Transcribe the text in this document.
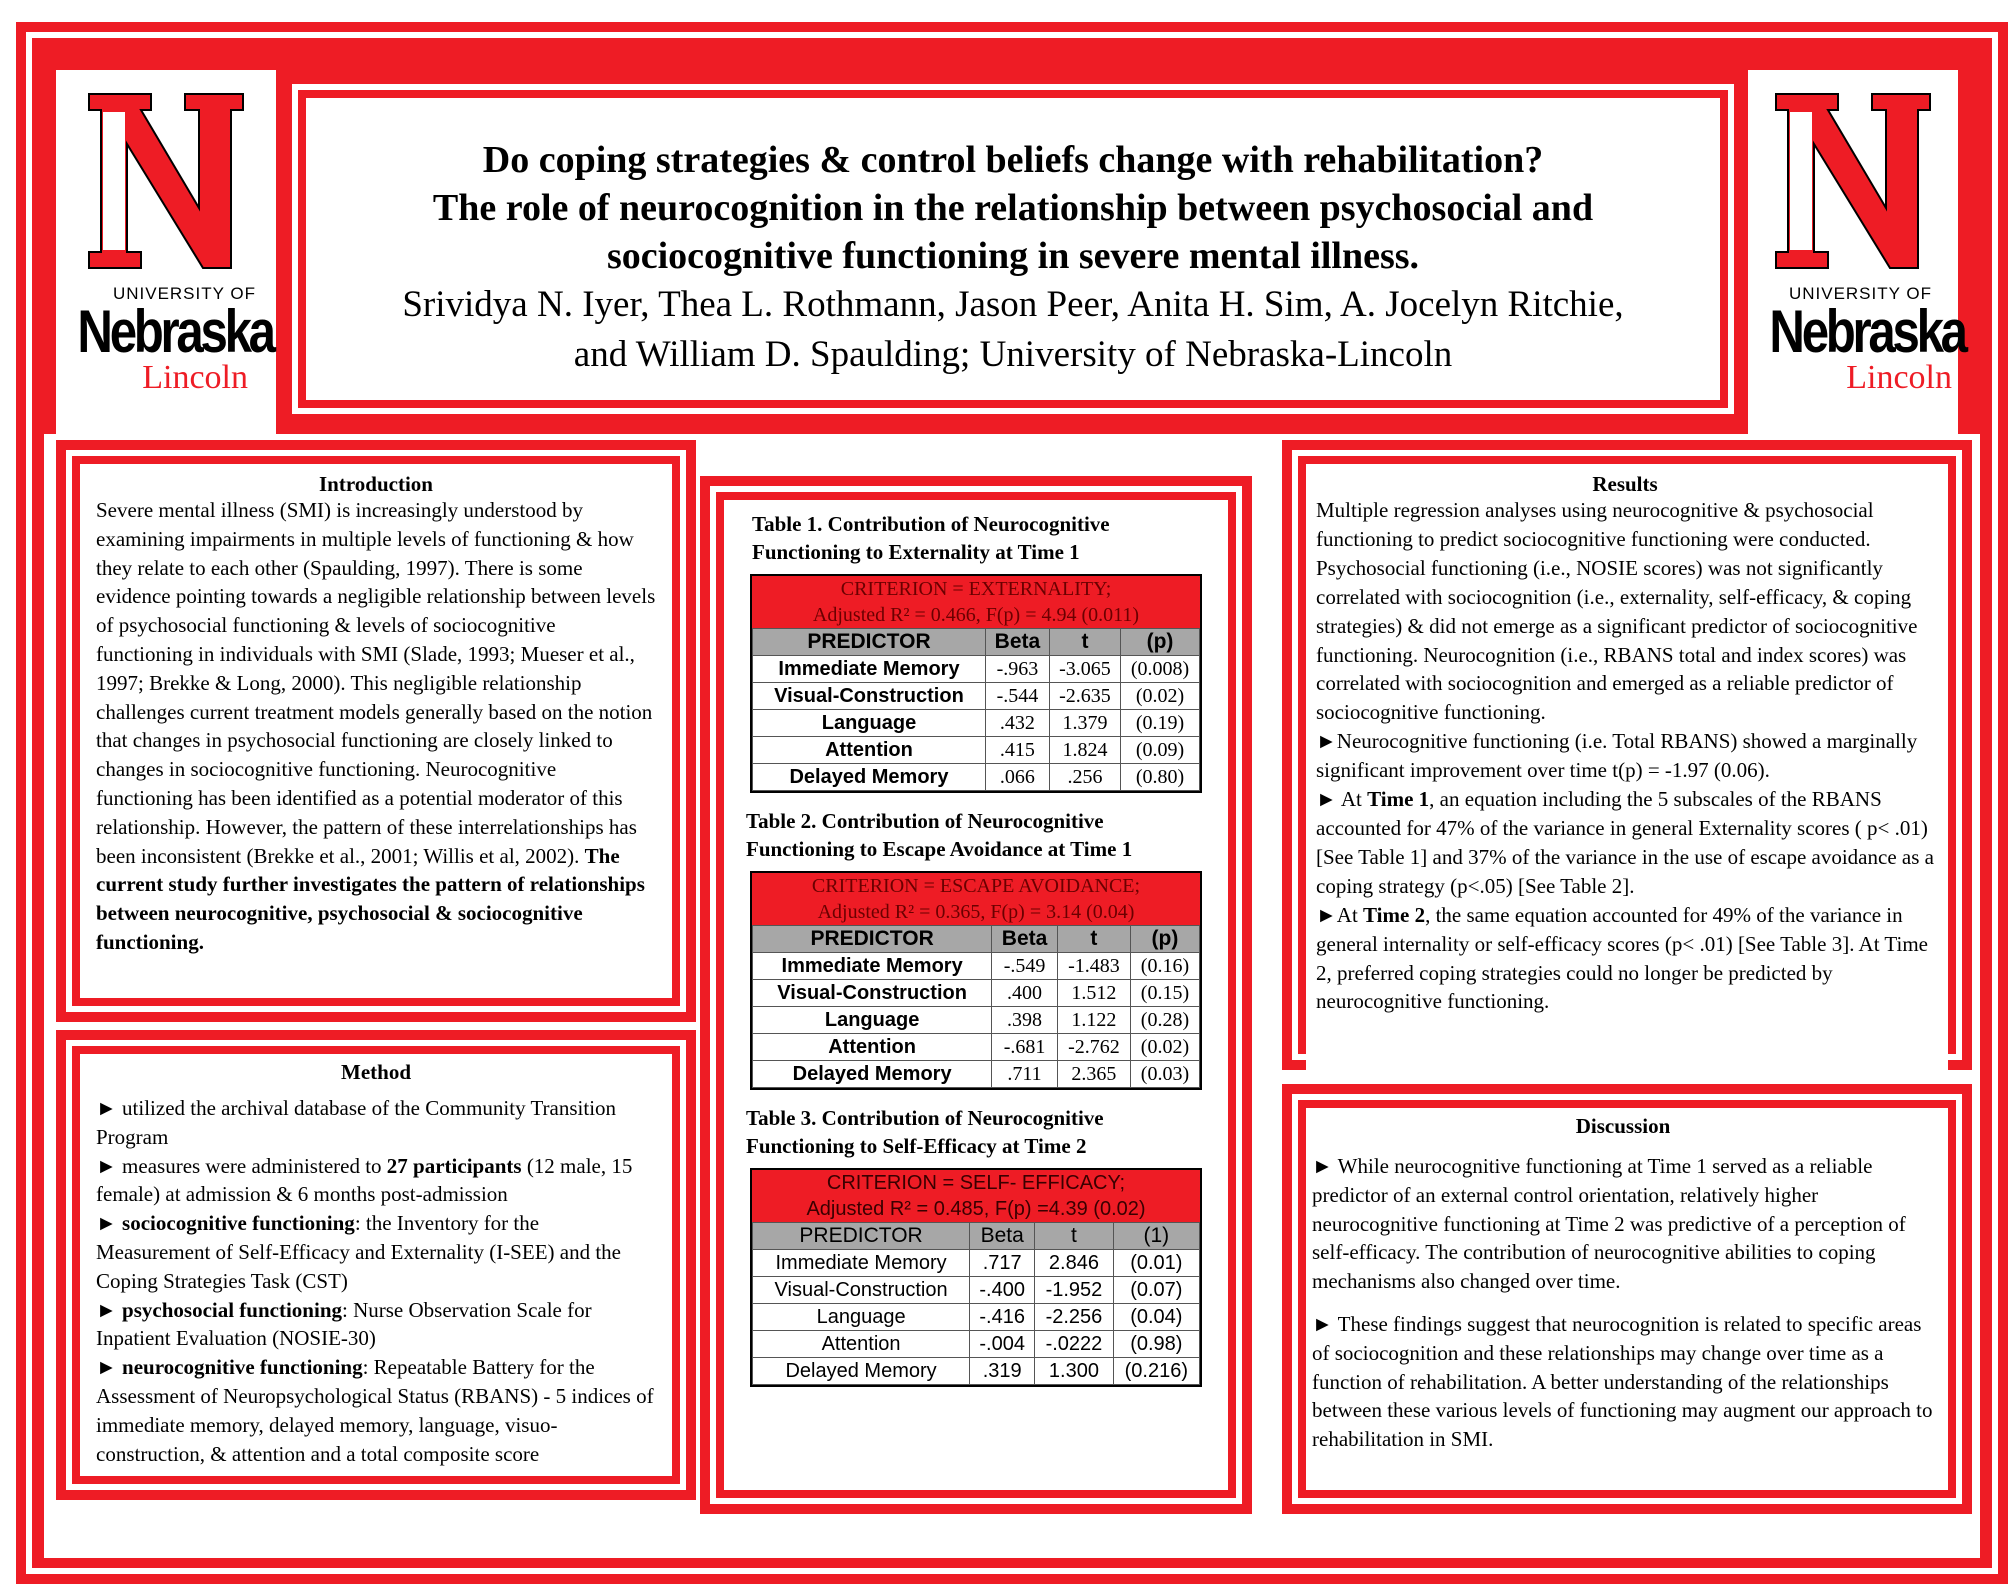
UNIVERSITY OF
Nebraska
Lincoln
UNIVERSITY OF
Nebraska
Lincoln
Do coping strategies & control beliefs change with rehabilitation?
The role of neurocognition in the relationship between psychosocial and
sociocognitive functioning in severe mental illness.
Srividya N. Iyer, Thea L. Rothmann, Jason Peer, Anita H. Sim, A. Jocelyn Ritchie,
and William D. Spaulding; University of Nebraska-Lincoln
Introduction

Severe mental illness (SMI) is increasingly understood by examining impairments in multiple levels of functioning & how they relate to each other (Spaulding, 1997). There is some evidence pointing towards a negligible relationship between levels of psychosocial functioning & levels of sociocognitive functioning in individuals with SMI (Slade, 1993; Mueser et al., 1997; Brekke & Long, 2000). This negligible relationship challenges current treatment models generally based on the notion that changes in psychosocial functioning are closely linked to changes in sociocognitive functioning. Neurocognitive functioning has been identified as a potential moderator of this relationship. However, the pattern of these interrelationships has been inconsistent (Brekke et al., 2001; Willis et al, 2002). The current study further investigates the pattern of relationships between neurocognitive, psychosocial & sociocognitive functioning.

Method

► utilized the archival database of the Community Transition Program

► measures were administered to 27 participants (12 male, 15 female) at admission & 6 months post-admission

► sociocognitive functioning: the Inventory for the Measurement of Self-Efficacy and Externality (I-SEE) and the Coping Strategies Task (CST)

► psychosocial functioning: Nurse Observation Scale for Inpatient Evaluation (NOSIE-30)

► neurocognitive functioning: Repeatable Battery for the Assessment of Neuropsychological Status (RBANS) - 5 indices of immediate memory, delayed memory, language, visuo-construction, & attention and a total composite score

Table 1. Contribution of Neurocognitive
Functioning to Externality at Time 1
CRITERION = EXTERNALITY;
Adjusted R² = 0.466, F(p) = 4.94 (0.011)
PREDICTOR	Beta	t	(p)
Immediate Memory	-.963	-3.065	(0.008)
Visual-Construction	-.544	-2.635	(0.02)
Language	.432	1.379	(0.19)
Attention	.415	1.824	(0.09)
Delayed Memory	.066	.256	(0.80)
Table 2. Contribution of Neurocognitive
Functioning to Escape Avoidance at Time 1
CRITERION = ESCAPE AVOIDANCE;
Adjusted R² = 0.365, F(p) = 3.14 (0.04)
PREDICTOR	Beta	t	(p)
Immediate Memory	-.549	-1.483	(0.16)
Visual-Construction	.400	1.512	(0.15)
Language	.398	1.122	(0.28)
Attention	-.681	-2.762	(0.02)
Delayed Memory	.711	2.365	(0.03)
Table 3. Contribution of Neurocognitive
Functioning to Self-Efficacy at Time 2
CRITERION = SELF- EFFICACY;
Adjusted R² = 0.485, F(p) =4.39 (0.02)
PREDICTOR	Beta	t	(1)
Immediate Memory	.717	2.846	(0.01)
Visual-Construction	-.400	-1.952	(0.07)
Language	-.416	-2.256	(0.04)
Attention	-.004	-.0222	(0.98)
Delayed Memory	.319	1.300	(0.216)
Results

Multiple regression analyses using neurocognitive & psychosocial functioning to predict sociocognitive functioning were conducted. Psychosocial functioning (i.e., NOSIE scores) was not significantly correlated with sociocognition (i.e., externality, self-efficacy, & coping strategies) & did not emerge as a significant predictor of sociocognitive functioning. Neurocognition (i.e., RBANS total and index scores) was correlated with sociocognition and emerged as a reliable predictor of sociocognitive functioning.

►Neurocognitive functioning (i.e. Total RBANS) showed a marginally significant improvement over time t(p) = -1.97 (0.06).

► At Time 1, an equation including the 5 subscales of the RBANS accounted for 47% of the variance in general Externality scores ( p< .01) [See Table 1] and 37% of the variance in the use of escape avoidance as a coping strategy (p<.05) [See Table 2].

►At Time 2, the same equation accounted for 49% of the variance in general internality or self-efficacy scores (p< .01) [See Table 3]. At Time 2, preferred coping strategies could no longer be predicted by neurocognitive functioning.

Discussion

► While neurocognitive functioning at Time 1 served as a reliable predictor of an external control orientation, relatively higher neurocognitive functioning at Time 2 was predictive of a perception of self-efficacy. The contribution of neurocognitive abilities to coping mechanisms also changed over time.

► These findings suggest that neurocognition is related to specific areas of sociocognition and these relationships may change over time as a function of rehabilitation. A better understanding of the relationships between these various levels of functioning may augment our approach to rehabilitation in SMI.
